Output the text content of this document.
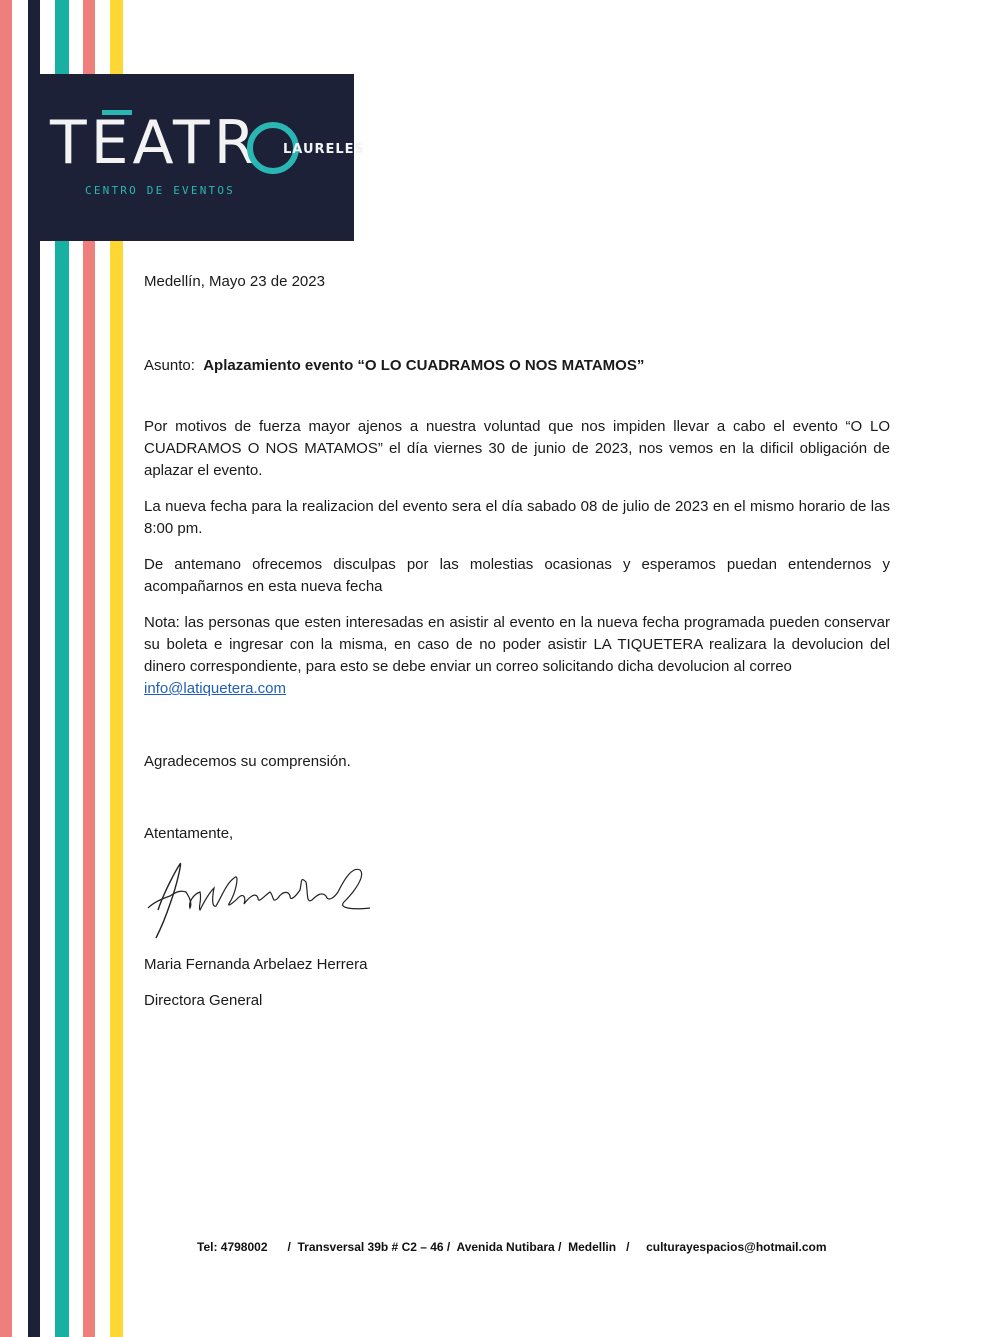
TEATR LAURELES
CENTRO DE EVENTOS
Medellín, Mayo 23 de 2023
Asunto: Aplazamiento evento “O LO CUADRAMOS O NOS MATAMOS”
Por motivos de fuerza mayor ajenos a nuestra voluntad que nos impiden llevar a cabo el evento “O LO CUADRAMOS O NOS MATAMOS” el día viernes 30 de junio de 2023, nos vemos en la dificil obligación de aplazar el evento.
La nueva fecha para la realizacion del evento sera el día sabado 08 de julio de 2023 en el mismo horario de las 8:00 pm.
De antemano ofrecemos disculpas por las molestias ocasionas y esperamos puedan entendernos y acompañarnos en esta nueva fecha
Nota: las personas que esten interesadas en asistir al evento en la nueva fecha programada pueden conservar su boleta e ingresar con la misma, en caso de no poder asistir LA TIQUETERA realizara la devolucion del dinero correspondiente, para esto se debe enviar un correo solicitando dicha devolucion al correo
info@latiquetera.com
Agradecemos su comprensión.
Atentamente,
Maria Fernanda Arbelaez Herrera
Directora General
Tel: 4798002      /  Transversal 39b # C2 – 46 /  Avenida Nutibara /  Medellin   /     culturayespacios@hotmail.com
